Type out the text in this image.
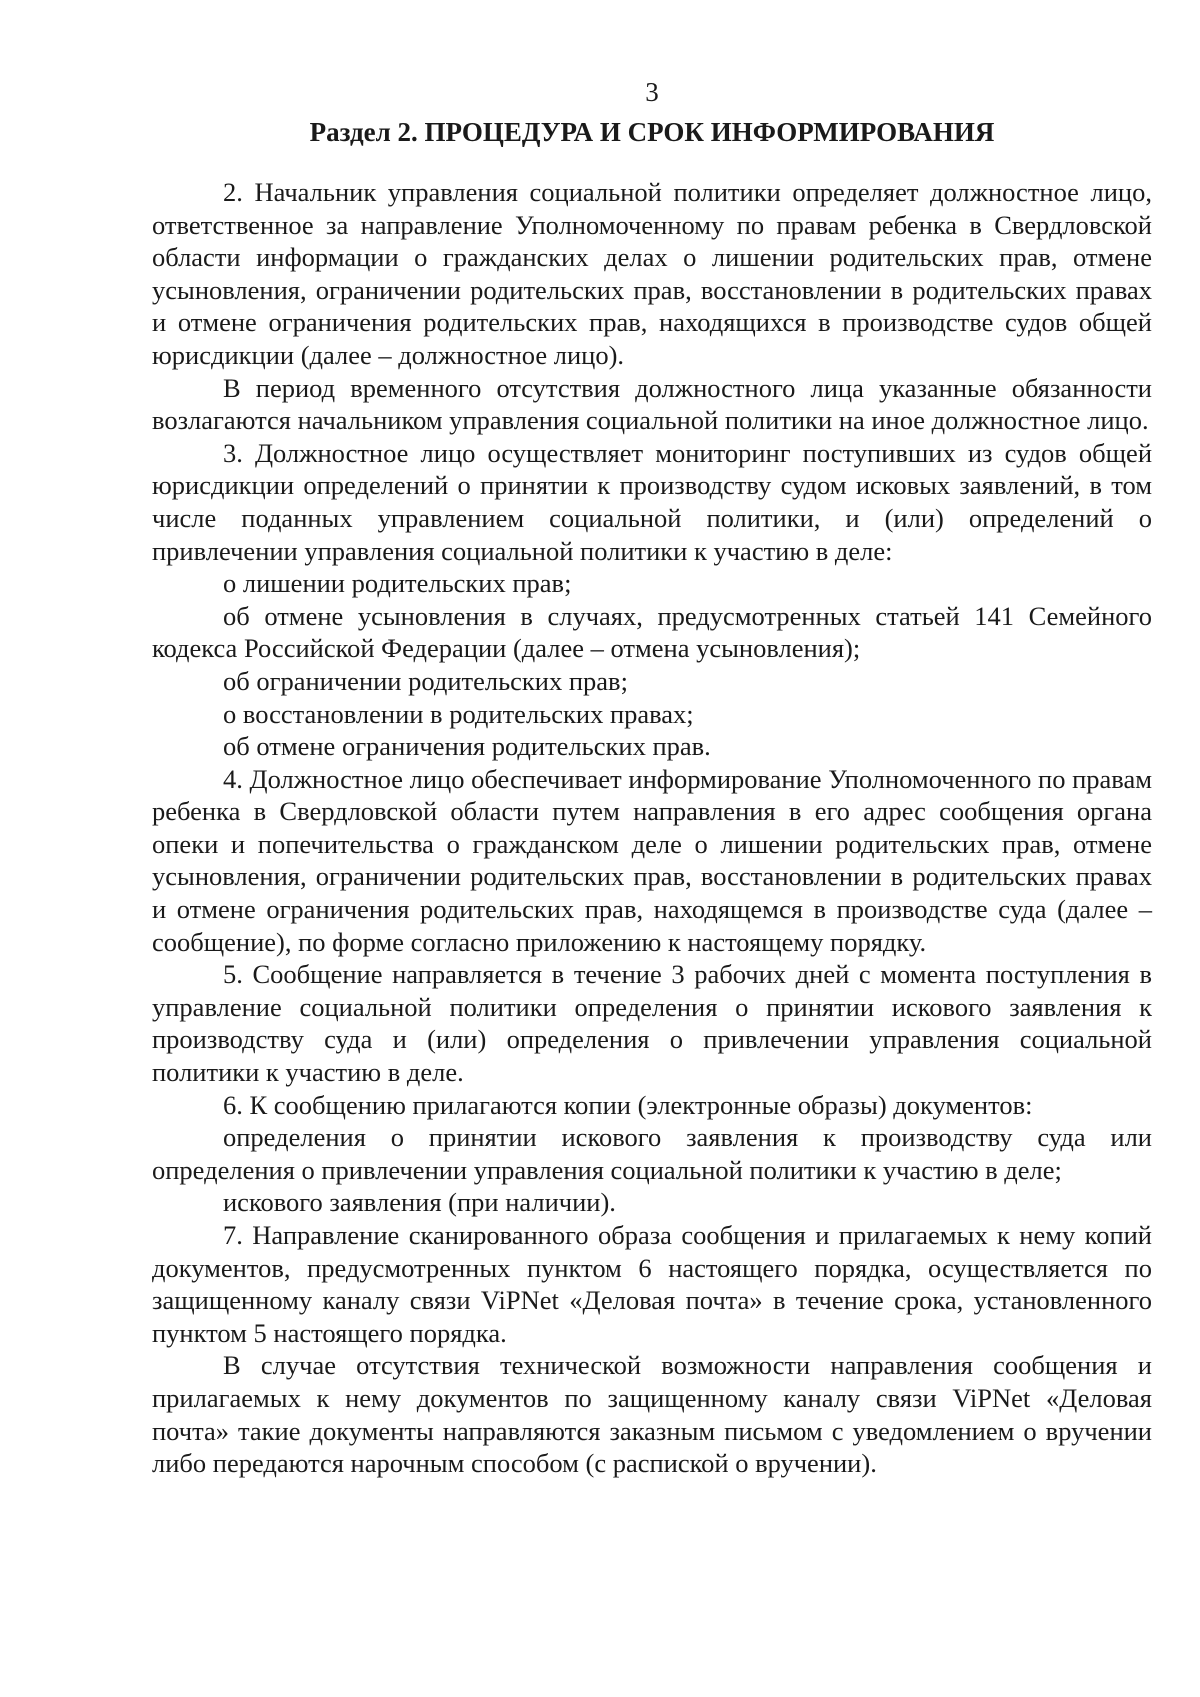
3
Раздел 2. ПРОЦЕДУРА И СРОК ИНФОРМИРОВАНИЯ

2. Начальник управления социальной политики определяет должностное лицо, ответственное за направление Уполномоченному по правам ребенка в Свердловской области информации о гражданских делах о лишении родительских прав, отмене усыновления, ограничении родительских прав, восстановлении в родительских правах и отмене ограничения родительских прав, находящихся в производстве судов общей юрисдикции (далее – должностное лицо).

В период временного отсутствия должностного лица указанные обязанности возлагаются начальником управления социальной политики на иное должностное лицо.

3. Должностное лицо осуществляет мониторинг поступивших из судов общей юрисдикции определений о принятии к производству судом исковых заявлений, в том числе поданных управлением социальной политики, и (или) определений о привлечении управления социальной политики к участию в деле:

о лишении родительских прав;

об отмене усыновления в случаях, предусмотренных статьей 141 Семейного кодекса Российской Федерации (далее – отмена усыновления);

об ограничении родительских прав;

о восстановлении в родительских правах;

об отмене ограничения родительских прав.

4. Должностное лицо обеспечивает информирование Уполномоченного по правам ребенка в Свердловской области путем направления в его адрес сообщения органа опеки и попечительства о гражданском деле о лишении родительских прав, отмене усыновления, ограничении родительских прав, восстановлении в родительских правах и отмене ограничения родительских прав, находящемся в производстве суда (далее – сообщение), по форме согласно приложению к настоящему порядку.

5. Сообщение направляется в течение 3 рабочих дней с момента поступления в управление социальной политики определения о принятии искового заявления к производству суда и (или) определения о привлечении управления социальной политики к участию в деле.

6. К сообщению прилагаются копии (электронные образы) документов:

определения о принятии искового заявления к производству суда или определения о привлечении управления социальной политики к участию в деле;

искового заявления (при наличии).

7. Направление сканированного образа сообщения и прилагаемых к нему копий документов, предусмотренных пунктом 6 настоящего порядка, осуществляется по защищенному каналу связи ViPNet «Деловая почта» в течение срока, установленного пунктом 5 настоящего порядка.

В случае отсутствия технической возможности направления сообщения и прилагаемых к нему документов по защищенному каналу связи ViPNet «Деловая почта» такие документы направляются заказным письмом с уведомлением о вручении либо передаются нарочным способом (с распиской о вручении).
